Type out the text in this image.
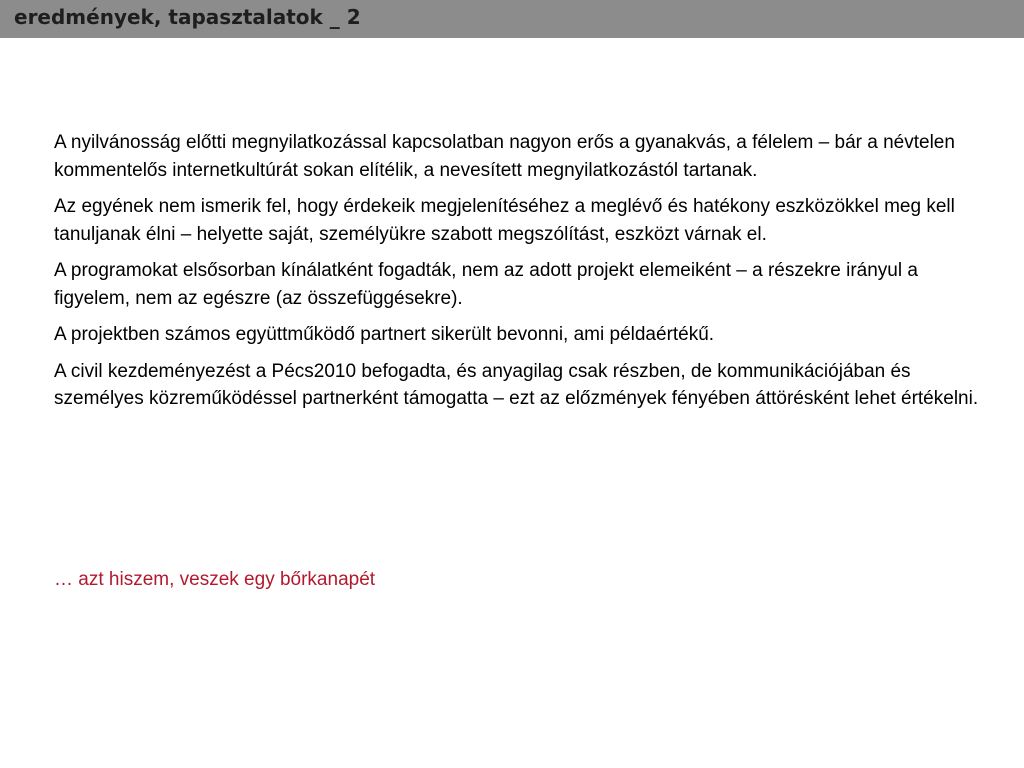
eredmények, tapasztalatok _ 2

A nyilvánosság előtti megnyilatkozással kapcsolatban nagyon erős a gyanakvás, a félelem – bár a névtelen kommentelős internetkultúrát sokan elítélik, a nevesített megnyilatkozástól tartanak.

Az egyének nem ismerik fel, hogy érdekeik megjelenítéséhez a meglévő és hatékony eszközökkel meg kell tanuljanak élni – helyette saját, személyükre szabott megszólítást, eszközt várnak el.

A programokat elsősorban kínálatként fogadták, nem az adott projekt elemeiként – a részekre irányul a figyelem, nem az egészre (az összefüggésekre).

A projektben számos együttműködő partnert sikerült bevonni, ami példaértékű.

A civil kezdeményezést a Pécs2010 befogadta, és anyagilag csak részben, de kommunikációjában és személyes közreműködéssel partnerként támogatta – ezt az előzmények fényében áttörésként lehet értékelni.

… azt hiszem, veszek egy bőrkanapét
